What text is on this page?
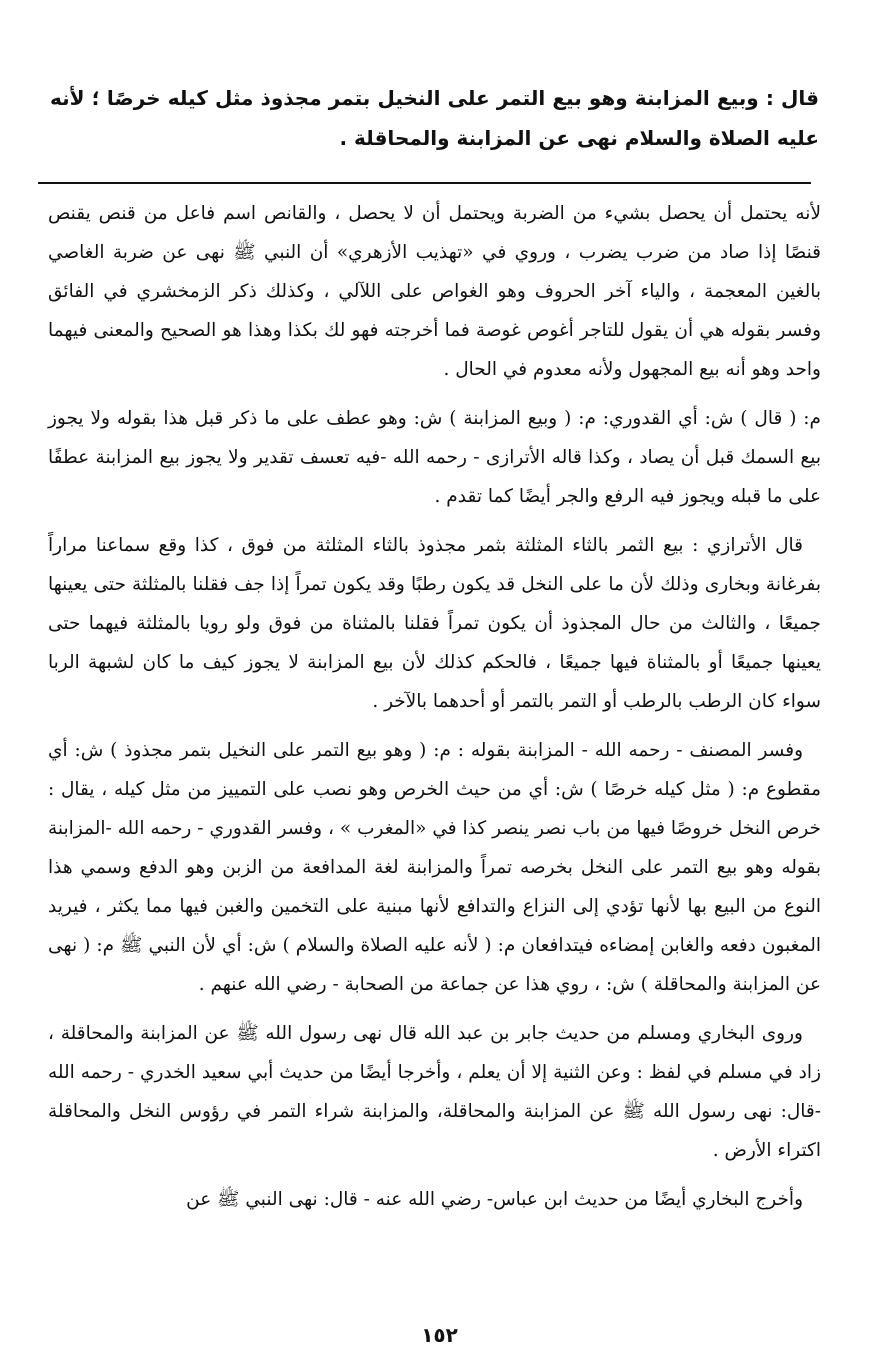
قال : وبيع المزابنة وهو بيع التمر على النخيل بتمر مجذوذ مثل كيله خرصًا ؛ لأنه عليه الصلاة والسلام نهى عن المزابنة والمحاقلة .

لأنه يحتمل أن يحصل بشيء من الضربة ويحتمل أن لا يحصل ، والقانص اسم فاعل من قنص يقنص قنصًا إذا صاد من ضرب يضرب ، وروي في «تهذيب الأزهري» أن النبي ﷺ نهى عن ضربة الغاصي بالغين المعجمة ، والياء آخر الحروف وهو الغواص على اللآلي ، وكذلك ذكر الزمخشري في الفائق وفسر بقوله هي أن يقول للتاجر أغوص غوصة فما أخرجته فهو لك بكذا وهذا هو الصحيح والمعنى فيهما واحد وهو أنه بيع المجهول ولأنه معدوم في الحال .

م: ( قال ) ش: أي القدوري: م: ( وبيع المزابنة ) ش: وهو عطف على ما ذكر قبل هذا بقوله ولا يجوز بيع السمك قبل أن يصاد ، وكذا قاله الأترازى - رحمه الله -فيه تعسف تقدير ولا يجوز بيع المزابنة عطفًا على ما قبله ويجوز فيه الرفع والجر أيضًا كما تقدم .

قال الأترازي : بيع الثمر بالثاء المثلثة بثمر مجذوذ بالثاء المثلثة من فوق ، كذا وقع سماعنا مراراً بفرغانة وبخارى وذلك لأن ما على النخل قد يكون رطبًا وقد يكون تمراً إذا جف فقلنا بالمثلثة حتى يعينها جميعًا ، والثالث من حال المجذوذ أن يكون تمراً فقلنا بالمثناة من فوق ولو رويا بالمثلثة فيهما حتى يعينها جميعًا أو بالمثناة فيها جميعًا ، فالحكم كذلك لأن بيع المزابنة لا يجوز كيف ما كان لشبهة الربا سواء كان الرطب بالرطب أو التمر بالتمر أو أحدهما بالآخر .

وفسر المصنف - رحمه الله - المزابنة بقوله : م: ( وهو بيع التمر على النخيل بتمر مجذوذ ) ش: أي مقطوع م: ( مثل كيله خرصًا ) ش: أي من حيث الخرص وهو نصب على التمييز من مثل كيله ، يقال : خرص النخل خروصًا فيها من باب نصر ينصر كذا في «المغرب » ، وفسر القدوري - رحمه الله -المزابنة بقوله وهو بيع التمر على النخل بخرصه تمراً والمزابنة لغة المدافعة من الزبن وهو الدفع وسمي هذا النوع من البيع بها لأنها تؤدي إلى النزاع والتدافع لأنها مبنية على التخمين والغبن فيها مما يكثر ، فيريد المغبون دفعه والغابن إمضاءه فيتدافعان م: ( لأنه عليه الصلاة والسلام ) ش: أي لأن النبي ﷺ م: ( نهى عن المزابنة والمحاقلة ) ش: ، روي هذا عن جماعة من الصحابة - رضي الله عنهم .

وروى البخاري ومسلم من حديث جابر بن عبد الله قال نهى رسول الله ﷺ عن المزابنة والمحاقلة ، زاد في مسلم في لفظ : وعن الثنية إلا أن يعلم ، وأخرجا أيضًا من حديث أبي سعيد الخدري - رحمه الله -قال: نهى رسول الله ﷺ عن المزابنة والمحاقلة، والمزابنة شراء التمر في رؤوس النخل والمحاقلة اكتراء الأرض .

وأخرج البخاري أيضًا من حديث ابن عباس- رضي الله عنه - قال: نهى النبي ﷺ عن

١٥٢
